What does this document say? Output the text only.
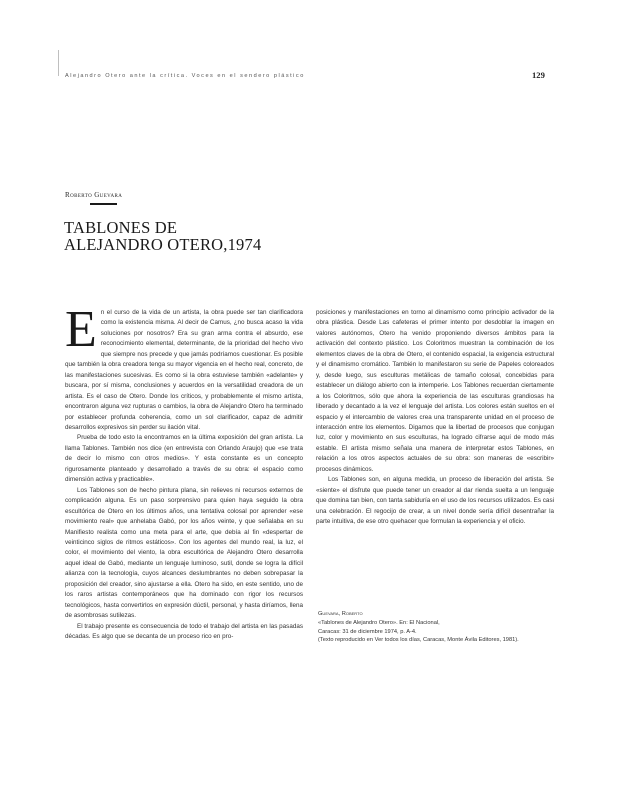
Alejandro Otero ante la crítica. Voces en el sendero plástico	129
Roberto Guevara
TABLONES DE
ALEJANDRO OTERO,1974

En el curso de la vida de un artista, la obra puede ser tan clarificadora como la existencia misma. Al decir de Camus, ¿no busca acaso la vida soluciones por nosotros? Era su gran arma contra el absurdo, ese reconocimiento elemental, determinante, de la prioridad del hecho vivo que siempre nos precede y que jamás podríamos cuestionar. Es posible que también la obra creadora tenga su mayor vigencia en el hecho real, concreto, de las manifestaciones sucesivas. Es como si la obra estuviese también «adelante» y buscara, por sí misma, conclusiones y acuerdos en la versatilidad creadora de un artista. Es el caso de Otero. Donde los críticos, y probablemente el mismo artista, encontraron alguna vez rupturas o cambios, la obra de Alejandro Otero ha terminado por establecer profunda coherencia, como un sol clarificador, capaz de admitir desarrollos expresivos sin perder su ilación vital.

Prueba de todo esto la encontramos en la última exposición del gran artista. La llama Tablones. También nos dice (en entrevista con Orlando Araujo) que «se trata de decir lo mismo con otros medios». Y esta constante es un concepto rigurosamente planteado y desarrollado a través de su obra: el espacio como dimensión activa y practicable».

Los Tablones son de hecho pintura plana, sin relieves ni recursos externos de complicación alguna. Es un paso sorprensivo para quien haya seguido la obra escultórica de Otero en los últimos años, una tentativa colosal por aprender «ese movimiento real» que anhelaba Gabó, por los años veinte, y que señalaba en su Manifiesto realista como una meta para el arte, que debía al fin «despertar de veinticinco siglos de ritmos estáticos». Con los agentes del mundo real, la luz, el color, el movimiento del viento, la obra escultórica de Alejandro Otero desarrolla aquel ideal de Gabó, mediante un lenguaje luminoso, sutil, donde se logra la difícil alianza con la tecnología, cuyos alcances deslumbrantes no deben sobrepasar la proposición del creador, sino ajustarse a ella. Otero ha sido, en este sentido, uno de los raros artistas contemporáneos que ha dominado con rigor los recursos tecnológicos, hasta convertirlos en expresión dúctil, personal, y hasta diríamos, llena de asombrosas sutilezas.

El trabajo presente es consecuencia de todo el trabajo del artista en las pasadas décadas. Es algo que se decanta de un proceso rico en pro-

posiciones y manifestaciones en torno al dinamismo como principio activador de la obra plástica. Desde Las cafeteras el primer intento por desdoblar la imagen en valores autónomos, Otero ha venido proponiendo diversos ámbitos para la activación del contexto plástico. Los Coloritmos muestran la combinación de los elementos claves de la obra de Otero, el contenido espacial, la exigencia estructural y el dinamismo cromático. También lo manifestaron su serie de Papeles coloreados y, desde luego, sus esculturas metálicas de tamaño colosal, concebidas para establecer un diálogo abierto con la intemperie. Los Tablones recuerdan ciertamente a los Coloritmos, sólo que ahora la experiencia de las esculturas grandiosas ha liberado y decantado a la vez el lenguaje del artista. Los colores están sueltos en el espacio y el intercambio de valores crea una transparente unidad en el proceso de interacción entre los elementos. Digamos que la libertad de procesos que conjugan luz, color y movimiento en sus esculturas, ha logrado cifrarse aquí de modo más estable. El artista mismo señala una manera de interpretar estos Tablones, en relación a los otros aspectos actuales de su obra: son maneras de «escribir» procesos dinámicos.

Los Tablones son, en alguna medida, un proceso de liberación del artista. Se «siente» el disfrute que puede tener un creador al dar rienda suelta a un lenguaje que domina tan bien, con tanta sabiduría en el uso de los recursos utilizados. Es casi una celebración. El regocijo de crear, a un nivel donde sería difícil desentrañar la parte intuitiva, de ese otro quehacer que formulan la experiencia y el oficio.

Guevara, Roberto
«Tablones de Alejandro Otero». En: El Nacional,
Caracas: 31 de diciembre 1974, p. A-4.
(Texto reproducido en Ver todos los días, Caracas, Monte Ávila Editores, 1981).
